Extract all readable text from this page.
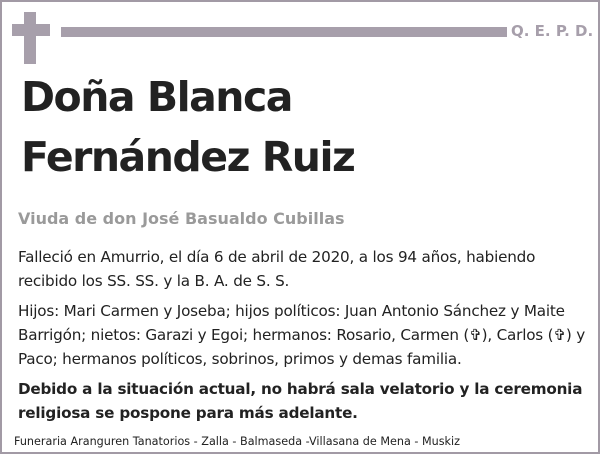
Q. E. P. D.
Doña Blanca
Fernández Ruiz
Viuda de don José Basualdo Cubillas
Falleció en Amurrio, el día 6 de abril de 2020, a los 94 años, habiendo recibido los SS. SS. y la B. A. de S. S.
Hijos: Mari Carmen y Joseba; hijos políticos: Juan Antonio Sánchez y Maite Barrigón; nietos: Garazi y Egoi; hermanos: Rosario, Carmen (✞), Carlos (✞) y Paco; hermanos políticos, sobrinos, primos y demas familia.
Debido a la situación actual, no habrá sala velatorio y la ceremonia religiosa se pospone para más adelante.
Funeraria Aranguren Tanatorios - Zalla - Balmaseda -Villasana de Mena - Muskiz
